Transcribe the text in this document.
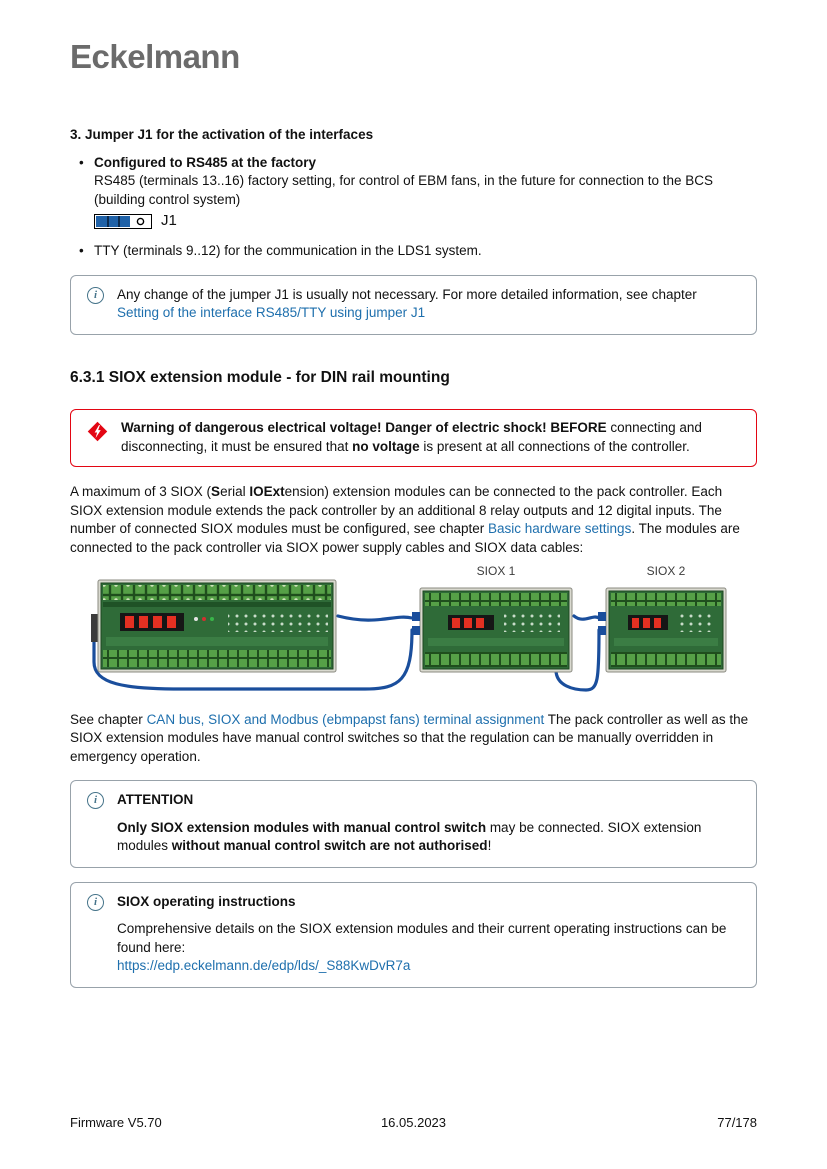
Eckelmann
3. Jumper J1 for the activation of the interfaces
• Configured to RS485 at the factory
RS485 (terminals 13..16) factory setting, for control of EBM fans, in the future for connection to the BCS (building control system)
J1
• TTY (terminals 9..12) for the communication in the LDS1 system.
i	Any change of the jumper J1 is usually not necessary. For more detailed information, see chapter
Setting of the interface RS485/TTY using jumper J1
6.3.1 SIOX extension module - for DIN rail mounting

Warning of dangerous electrical voltage! Danger of electric shock! BEFORE connecting and disconnecting, it must be ensured that no voltage is present at all connections of the controller.

A maximum of 3 SIOX (Serial IOExtension) extension modules can be connected to the pack controller. Each SIOX extension module extends the pack controller by an additional 8 relay outputs and 12 digital inputs. The number of connected SIOX modules must be configured, see chapter Basic hardware settings. The modules are connected to the pack controller via SIOX power supply cables and SIOX data cables:

SIOX 1	SIOX 2

See chapter CAN bus, SIOX and Modbus (ebmpapst fans) terminal assignment The pack controller as well as the SIOX extension modules have manual control switches so that the regulation can be manually overridden in emergency operation.

i	ATTENTION

Only SIOX extension modules with manual control switch may be connected. SIOX extension modules without manual control switch are not authorised!

i	SIOX operating instructions
Comprehensive details on the SIOX extension modules and their current operating instructions can be found here:
https://edp.eckelmann.de/edp/lds/_S88KwDvR7a
Firmware V5.70	16.05.2023	77/178
